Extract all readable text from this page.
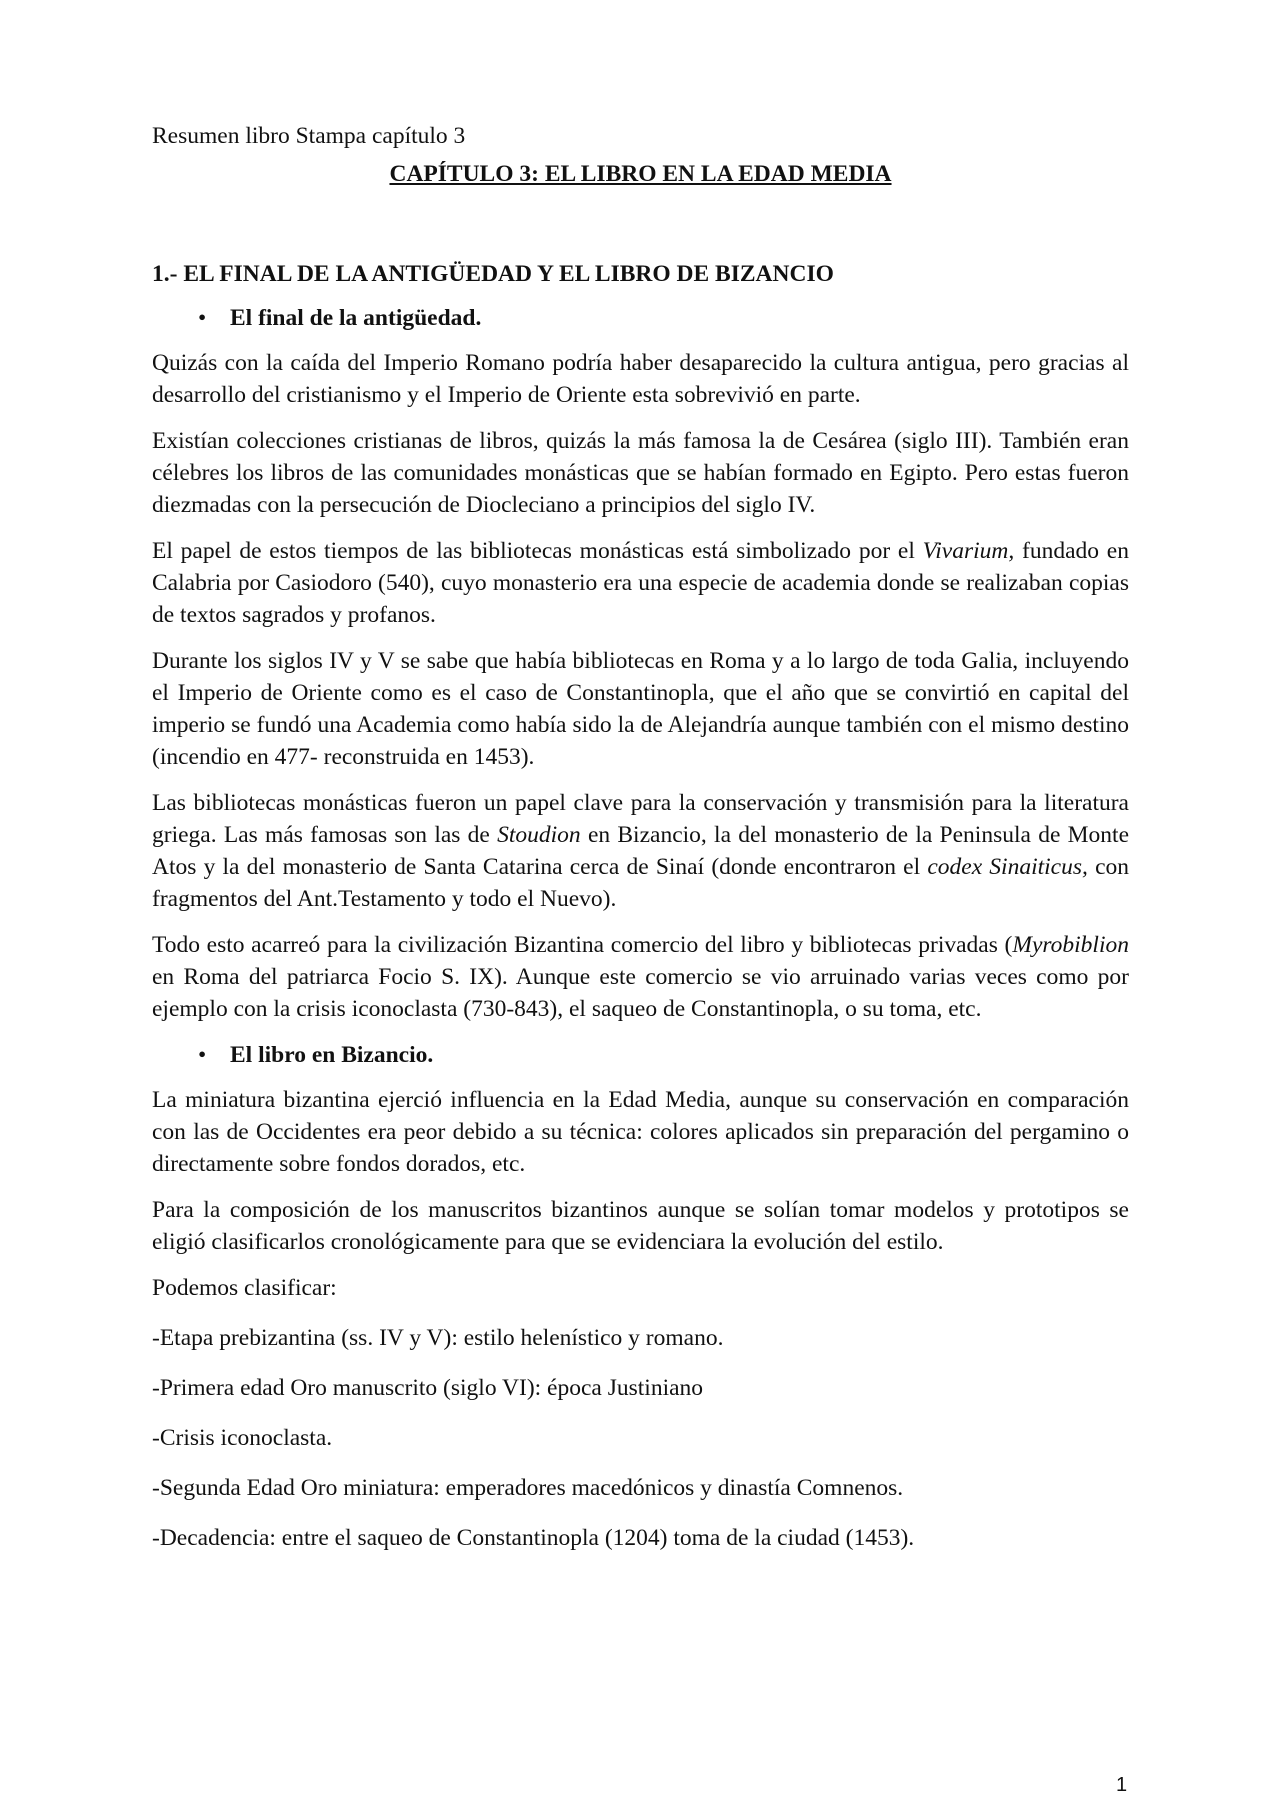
Resumen libro Stampa capítulo 3

CAPÍTULO 3: EL LIBRO EN LA EDAD MEDIA

1.- EL FINAL DE LA ANTIGÜEDAD Y EL LIBRO DE BIZANCIO

•	El final de la antigüedad.

Quizás con la caída del Imperio Romano podría haber desaparecido la cultura antigua, pero gracias al desarrollo del cristianismo y el Imperio de Oriente esta sobrevivió en parte.

Existían colecciones cristianas de libros, quizás la más famosa la de Cesárea (siglo III). También eran célebres los libros de las comunidades monásticas que se habían formado en Egipto. Pero estas fueron diezmadas con la persecución de Diocleciano a principios del siglo IV.

El papel de estos tiempos de las bibliotecas monásticas está simbolizado por el Vivarium, fundado en Calabria por Casiodoro (540), cuyo monasterio era una especie de academia donde se realizaban copias de textos sagrados y profanos.

Durante los siglos IV y V se sabe que había bibliotecas en Roma y a lo largo de toda Galia, incluyendo el Imperio de Oriente como es el caso de Constantinopla, que el año que se convirtió en capital del imperio se fundó una Academia como había sido la de Alejandría aunque también con el mismo destino (incendio en 477- reconstruida en 1453).

Las bibliotecas monásticas fueron un papel clave para la conservación y transmisión para la literatura griega. Las más famosas son las de Stoudion en Bizancio, la del monasterio de la Peninsula de Monte Atos y la del monasterio de Santa Catarina cerca de Sinaí (donde encontraron el codex Sinaiticus, con fragmentos del Ant.Testamento y todo el Nuevo).

Todo esto acarreó para la civilización Bizantina comercio del libro y bibliotecas privadas (Myrobiblion en Roma del patriarca Focio S. IX). Aunque este comercio se vio arruinado varias veces como por ejemplo con la crisis iconoclasta (730-843), el saqueo de Constantinopla, o su toma, etc.

•	El libro en Bizancio.

La miniatura bizantina ejerció influencia en la Edad Media, aunque su conservación en comparación con las de Occidentes era peor debido a su técnica: colores aplicados sin preparación del pergamino o directamente sobre fondos dorados, etc.

Para la composición de los manuscritos bizantinos aunque se solían tomar modelos y prototipos se eligió clasificarlos cronológicamente para que se evidenciara la evolución del estilo.

Podemos clasificar:

-Etapa prebizantina (ss. IV y V): estilo helenístico y romano.

-Primera edad Oro manuscrito (siglo VI): época Justiniano

-Crisis iconoclasta.

-Segunda Edad Oro miniatura: emperadores macedónicos y dinastía Comnenos.

-Decadencia: entre el saqueo de Constantinopla (1204) toma de la ciudad (1453).

1
